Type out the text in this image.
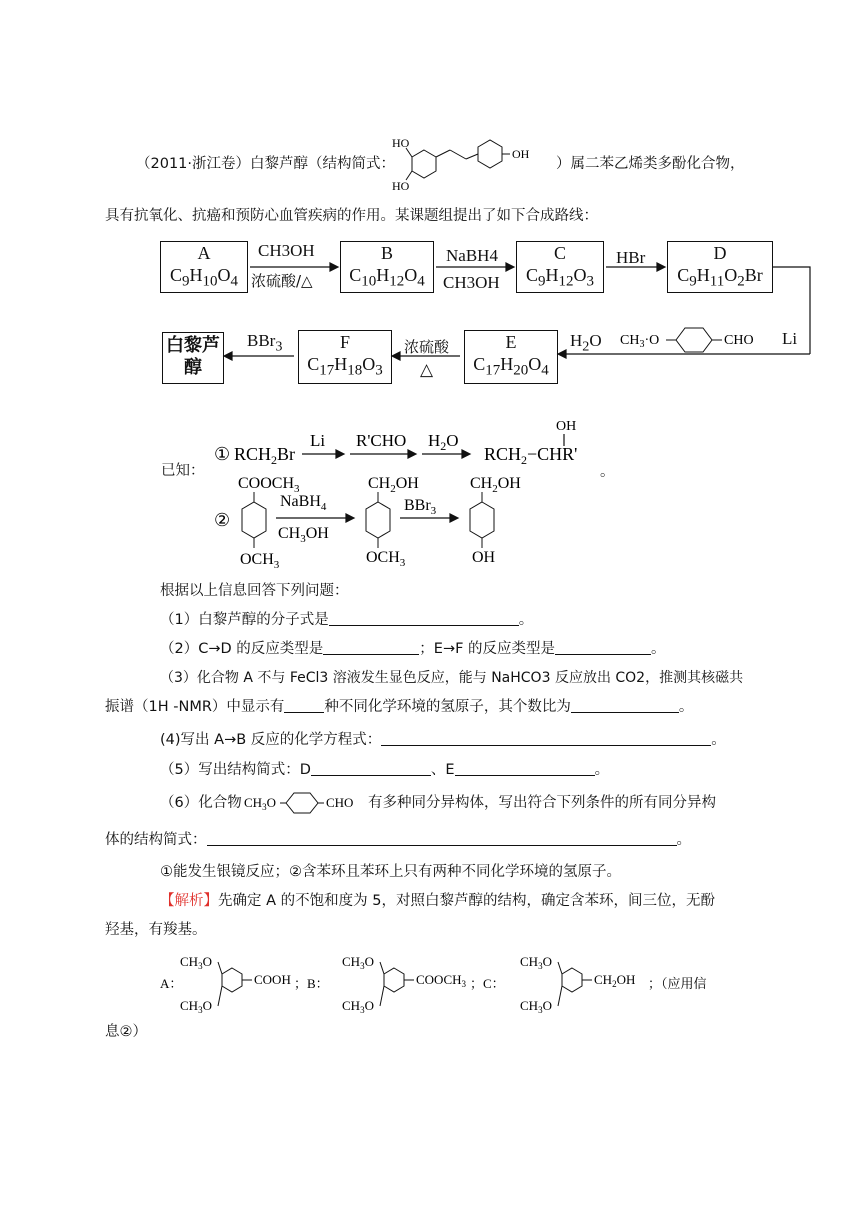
（2011·浙江卷）白黎芦醇（结构简式：
HO
HO
OH
）属二苯乙烯类多酚化合物，
具有抗氧化、抗癌和预防心血管疾病的作用。某课题组提出了如下合成路线：
A
$C_9H_{10}O_4$
CH3OH
浓硫酸/△
B
$C_{10}H_{12}O_4$
NaBH4
CH3OH
C
$C_9H_{12}O_3$
HBr	D
$C_9H_{11}O_2Br$
白黎芦醇
BBr$_3$	F
$C_{17}H_{18}O_3$
浓硫酸
△
E
$C_{17}H_{20}O_4$
$H_2O$	Li
$CH_3\cdot O$	CHO
已知：
① $RCH_2Br$
Li R'CHO $H_2O$
$RCH_2-CHR'$
OH
。
②
$COOCH_3$
$OCH_3$
NaBH$_4$
$CH_3OH$
$CH_2OH$
$OCH_3$
BBr$_3$
$CH_2OH$
OH
根据以上信息回答下列问题：
（1）白黎芦醇的分子式是	。
（2）C→D 的反应类型是	；E→F 的反应类型是	。
（3）化合物 A 不与 FeCl3 溶液发生显色反应，能与 NaHCO3 反应放出 CO2，推测其核磁共
振谱（1H -NMR）中显示有	种不同化学环境的氢原子，其个数比为	。
(4)写出 A→B 反应的化学方程式：	。
（5）写出结构简式：D	、E	。
（6）化合物 $CH_3O$	CHO 有多种同分异构体，写出符合下列条件的所有同分异构
体的结构简式：	。
①能发生银镜反应；②含苯环且苯环上只有两种不同化学环境的氢原子。
【解析】先确定 A 的不饱和度为 5，对照白黎芦醇的结构，确定含苯环，间三位，无酚
羟基，有羧基。
A：
$CH_3O$
$CH_3O$
COOH ；B：
$CH_3O$
$CH_3O$
$COOCH_3$ ；C：
$CH_3O$
$CH_3O$
$CH_2OH$ ；（应用信
息②）
